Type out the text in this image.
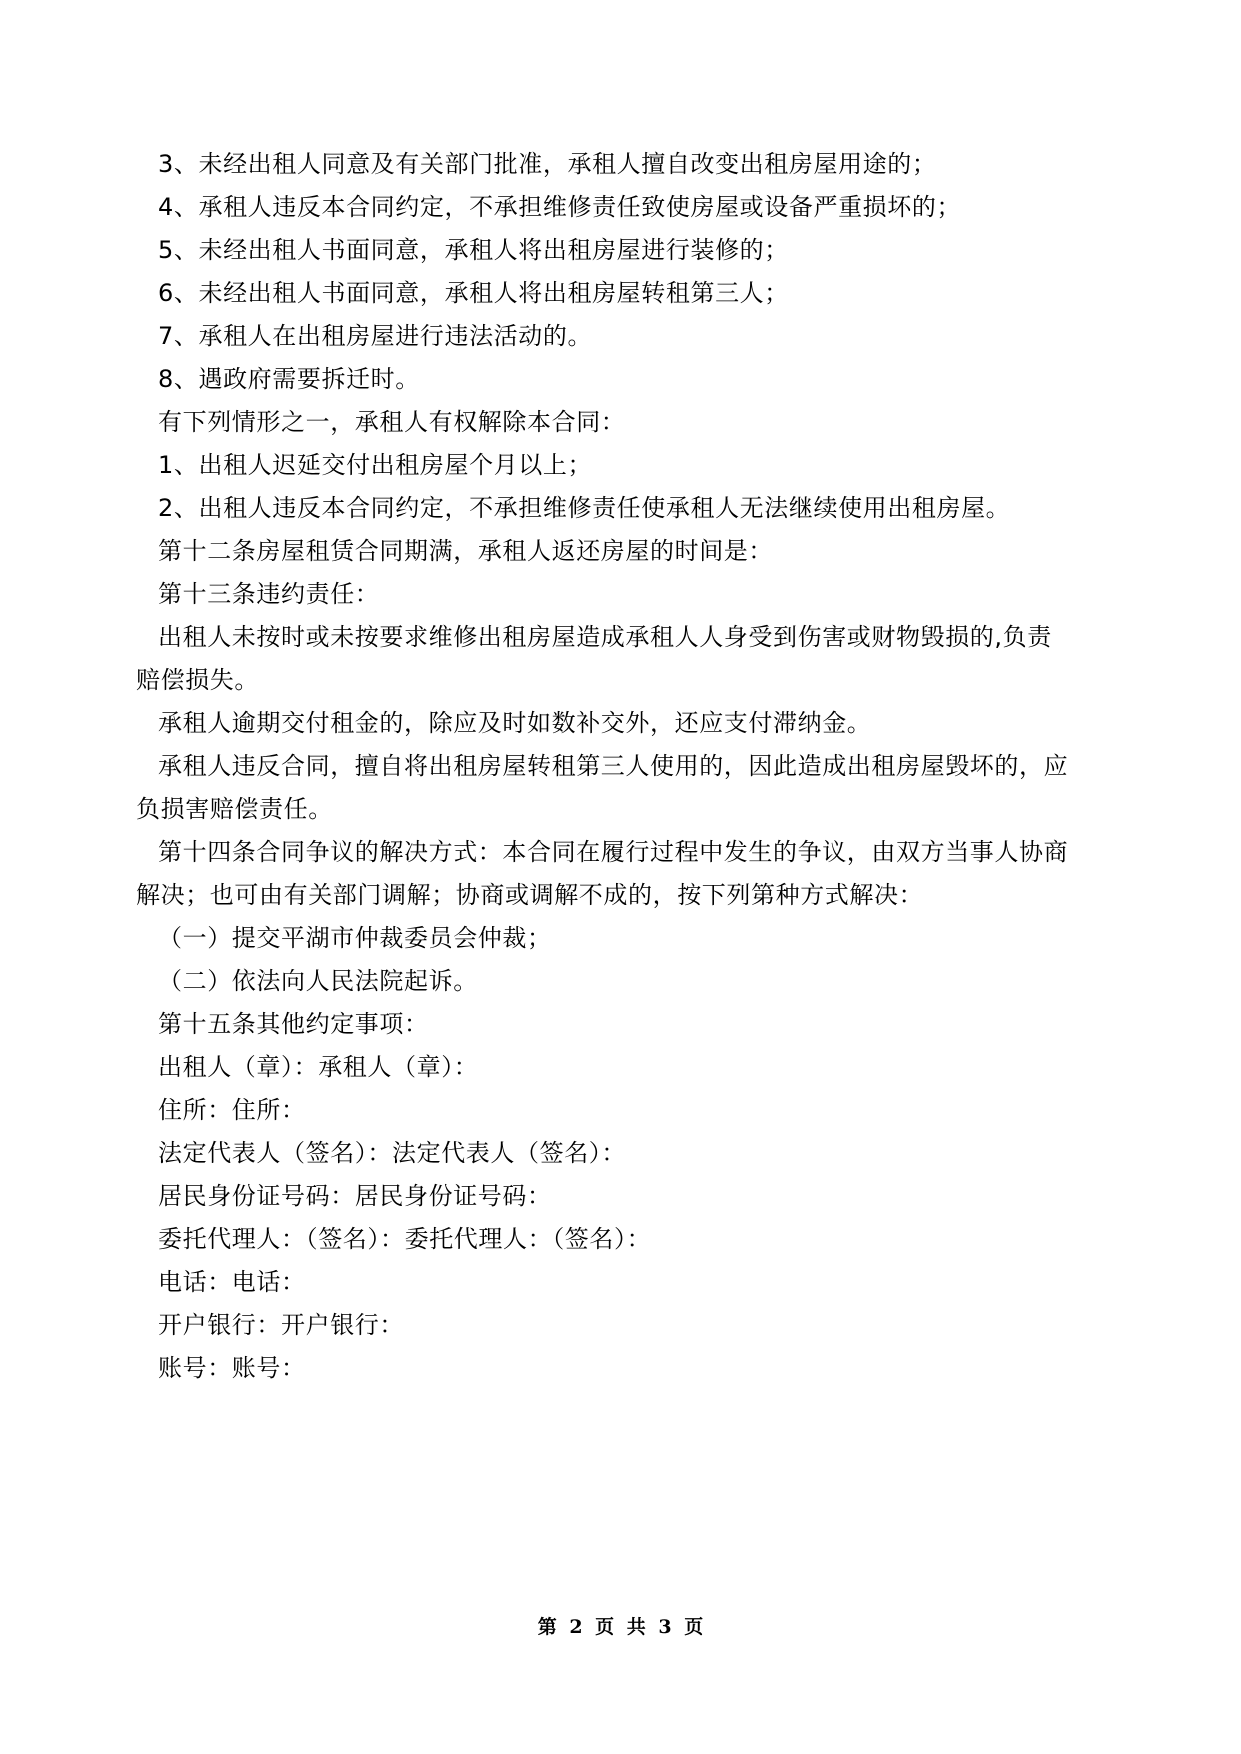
3、未经出租人同意及有关部门批准，承租人擅自改变出租房屋用途的；
4、承租人违反本合同约定，不承担维修责任致使房屋或设备严重损坏的；
5、未经出租人书面同意，承租人将出租房屋进行装修的；
6、未经出租人书面同意，承租人将出租房屋转租第三人；
7、承租人在出租房屋进行违法活动的。
8、遇政府需要拆迁时。
有下列情形之一，承租人有权解除本合同：
1、出租人迟延交付出租房屋个月以上；
2、出租人违反本合同约定，不承担维修责任使承租人无法继续使用出租房屋。
第十二条房屋租赁合同期满，承租人返还房屋的时间是：
第十三条违约责任：
出租人未按时或未按要求维修出租房屋造成承租人人身受到伤害或财物毁损的,负责
赔偿损失。
承租人逾期交付租金的，除应及时如数补交外，还应支付滞纳金。
承租人违反合同，擅自将出租房屋转租第三人使用的，因此造成出租房屋毁坏的，应
负损害赔偿责任。
第十四条合同争议的解决方式：本合同在履行过程中发生的争议，由双方当事人协商
解决；也可由有关部门调解；协商或调解不成的，按下列第种方式解决：
（一）提交平湖市仲裁委员会仲裁；
（二）依法向人民法院起诉。
第十五条其他约定事项：
出租人（章）：承租人（章）：
住所：住所：
法定代表人（签名）：法定代表人（签名）：
居民身份证号码：居民身份证号码：
委托代理人：（签名）：委托代理人：（签名）：
电话：电话：
开户银行：开户银行：
账号：账号：
第 2 页 共 3 页
